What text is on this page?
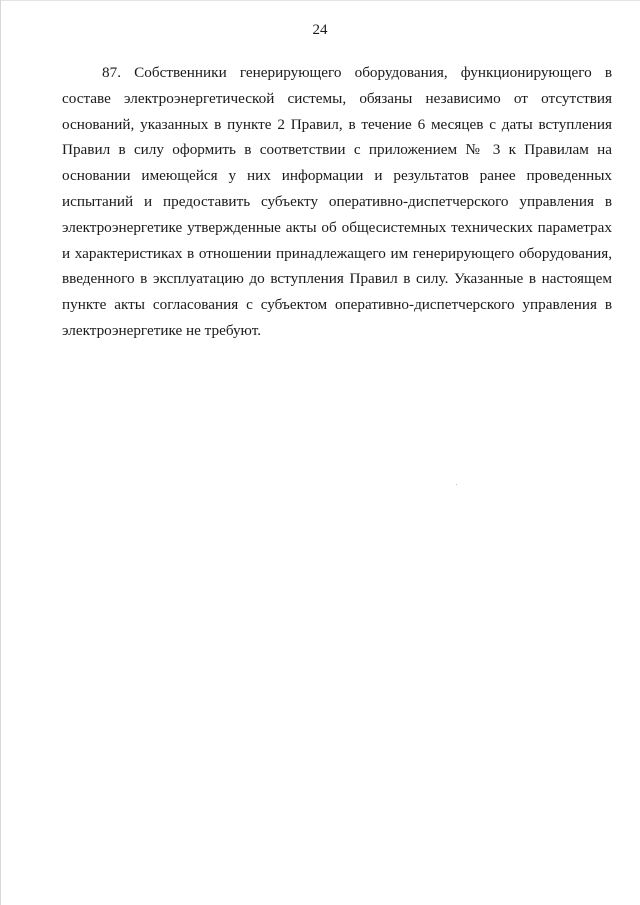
24
87. Собственники генерирующего оборудования, функционирующего в
составе электроэнергетической системы, обязаны независимо от отсутствия
оснований, указанных в пункте 2 Правил, в течение 6 месяцев с даты вступления
Правил в силу оформить в соответствии с приложением № 3 к Правилам на
основании имеющейся у них информации и результатов ранее проведенных
испытаний и предоставить субъекту оперативно-диспетчерского управления в
электроэнергетике утвержденные акты об общесистемных технических параметрах
и характеристиках в отношении принадлежащего им генерирующего оборудования,
введенного в эксплуатацию до вступления Правил в силу. Указанные в настоящем
пункте акты согласования с субъектом оперативно-диспетчерского управления в
электроэнергетике не требуют.
